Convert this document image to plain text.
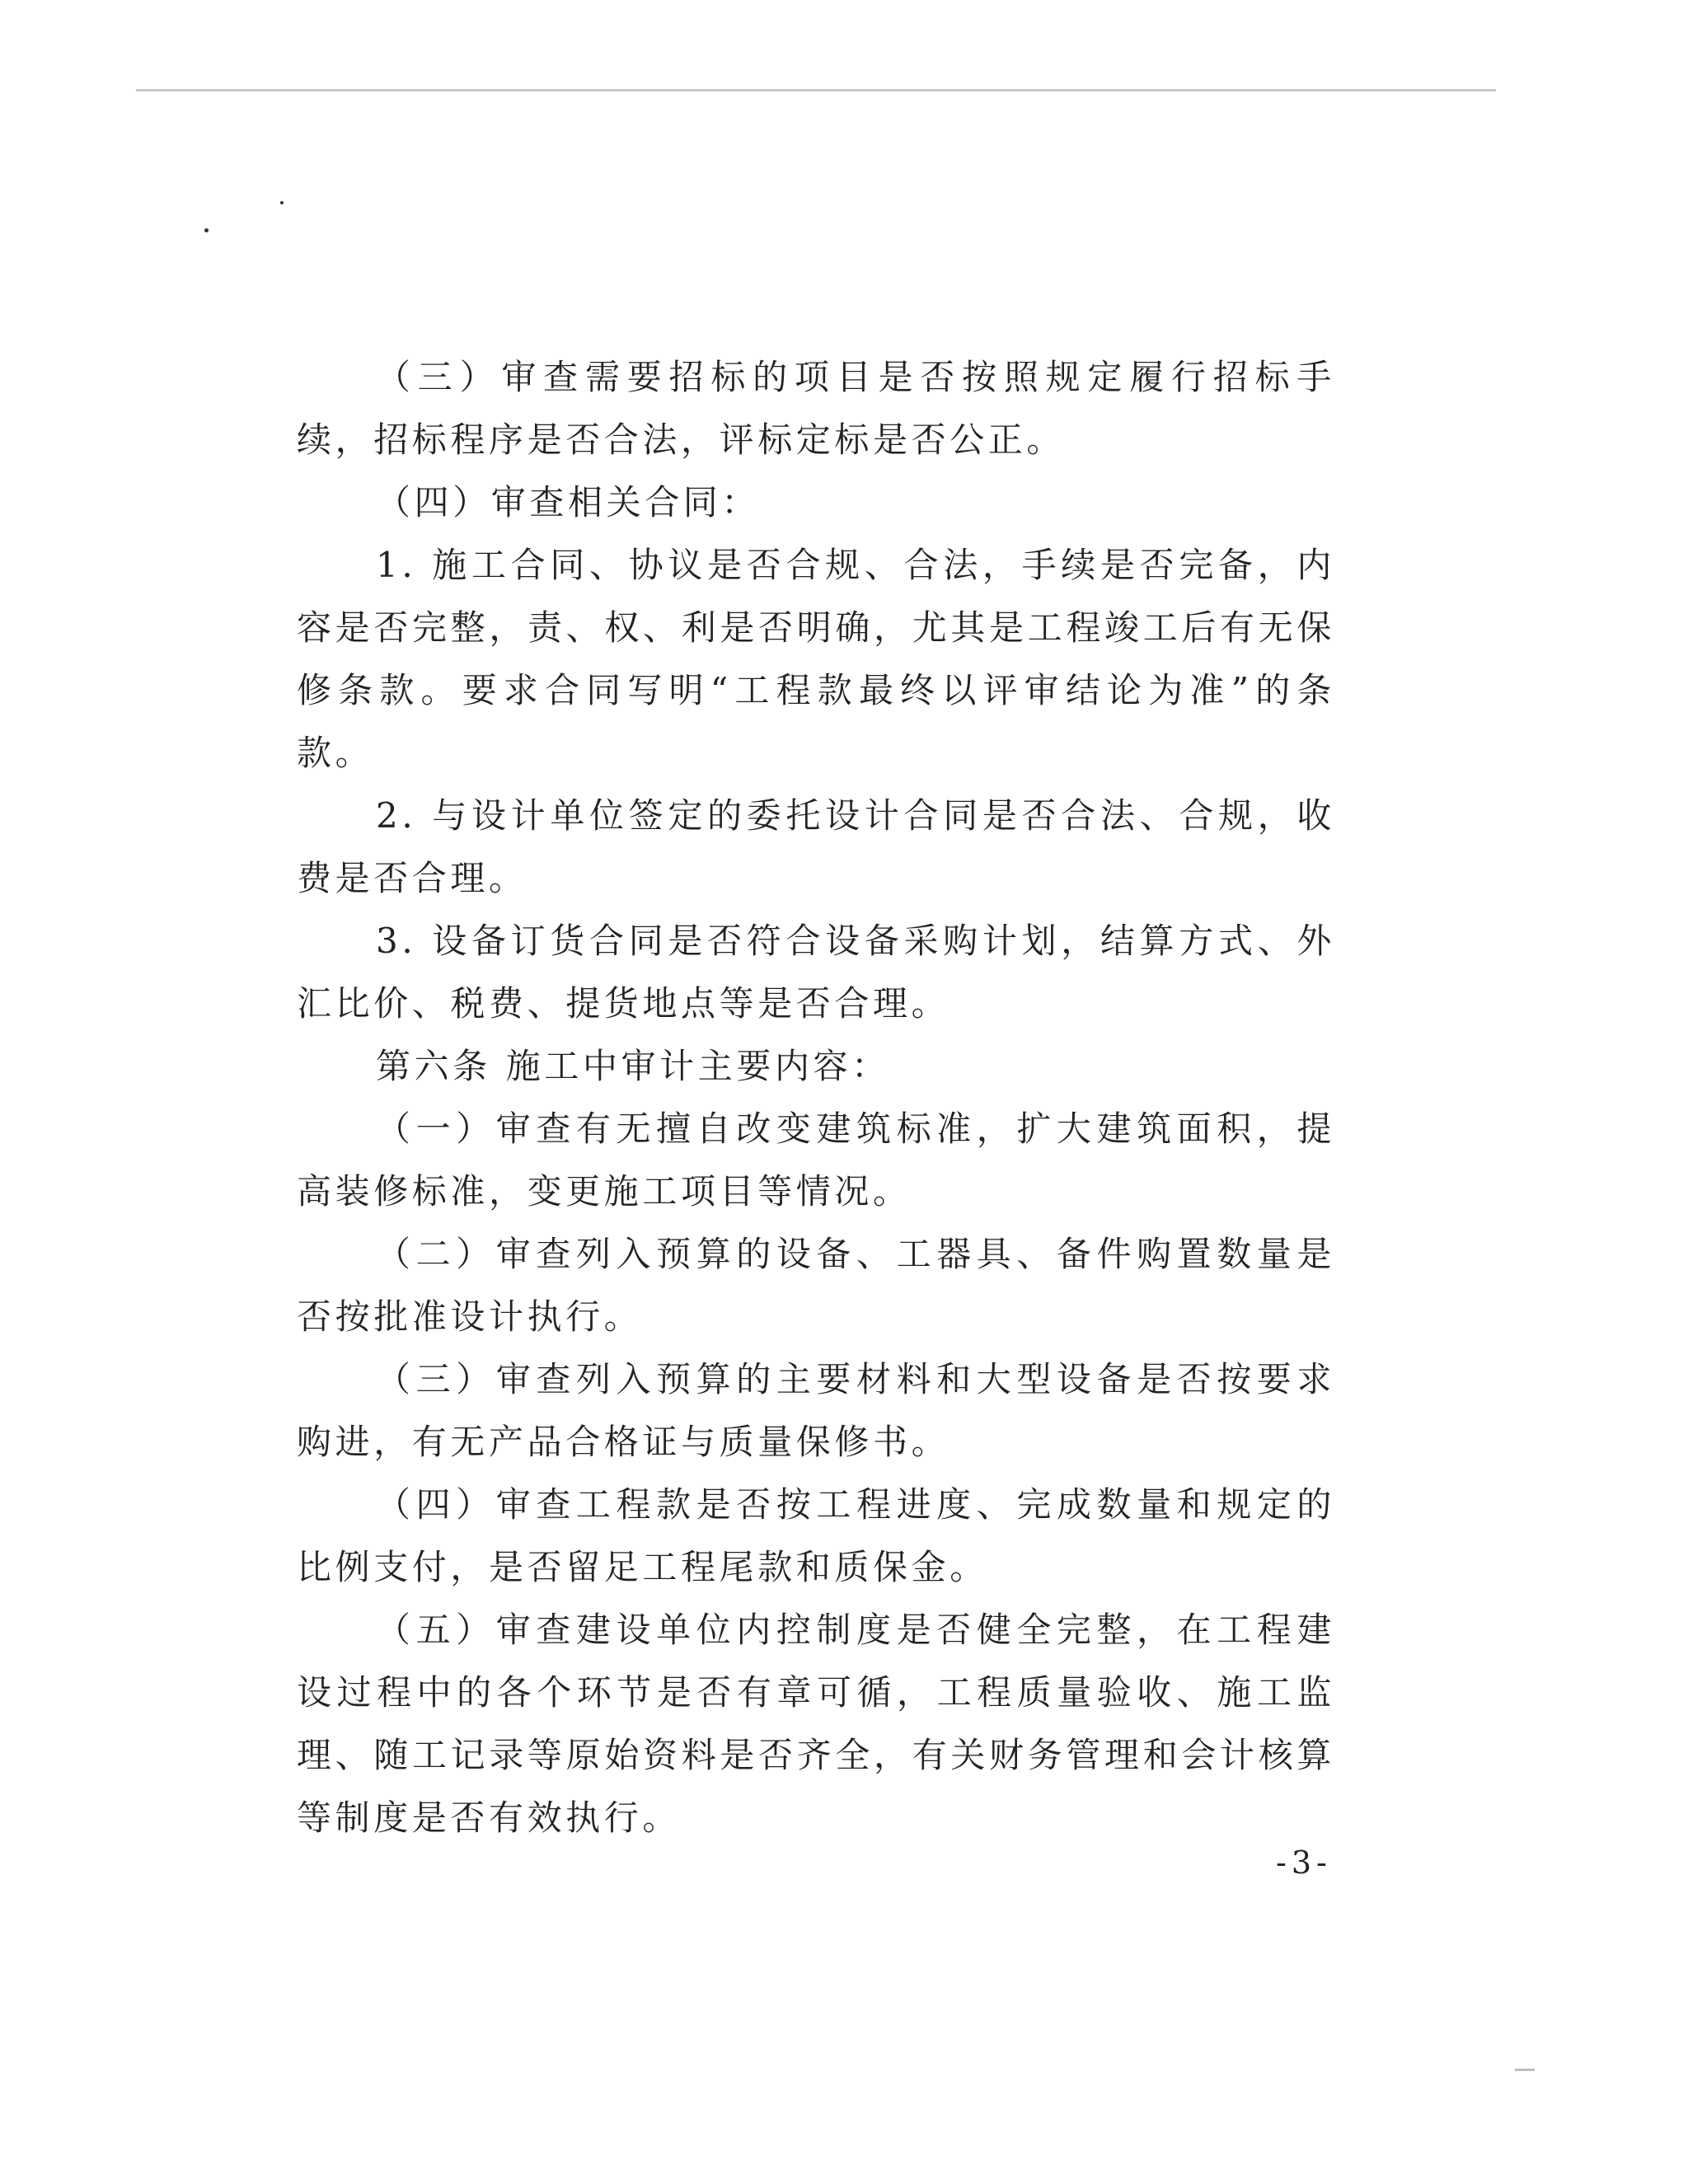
（三）审查需要招标的项目是否按照规定履行招标手续，招标程序是否合法，评标定标是否公正。

（四）审查相关合同：

1. 施工合同、协议是否合规、合法，手续是否完备，内容是否完整，责、权、利是否明确，尤其是工程竣工后有无保修条款。要求合同写明“工程款最终以评审结论为准”的条款。

2. 与设计单位签定的委托设计合同是否合法、合规，收费是否合理。

3. 设备订货合同是否符合设备采购计划，结算方式、外汇比价、税费、提货地点等是否合理。

第六条 施工中审计主要内容：

（一）审查有无擅自改变建筑标准，扩大建筑面积，提高装修标准，变更施工项目等情况。

（二）审查列入预算的设备、工器具、备件购置数量是否按批准设计执行。

（三）审查列入预算的主要材料和大型设备是否按要求购进，有无产品合格证与质量保修书。

（四）审查工程款是否按工程进度、完成数量和规定的比例支付，是否留足工程尾款和质保金。

（五）审查建设单位内控制度是否健全完整，在工程建设过程中的各个环节是否有章可循，工程质量验收、施工监理、随工记录等原始资料是否齐全，有关财务管理和会计核算等制度是否有效执行。

-3-
